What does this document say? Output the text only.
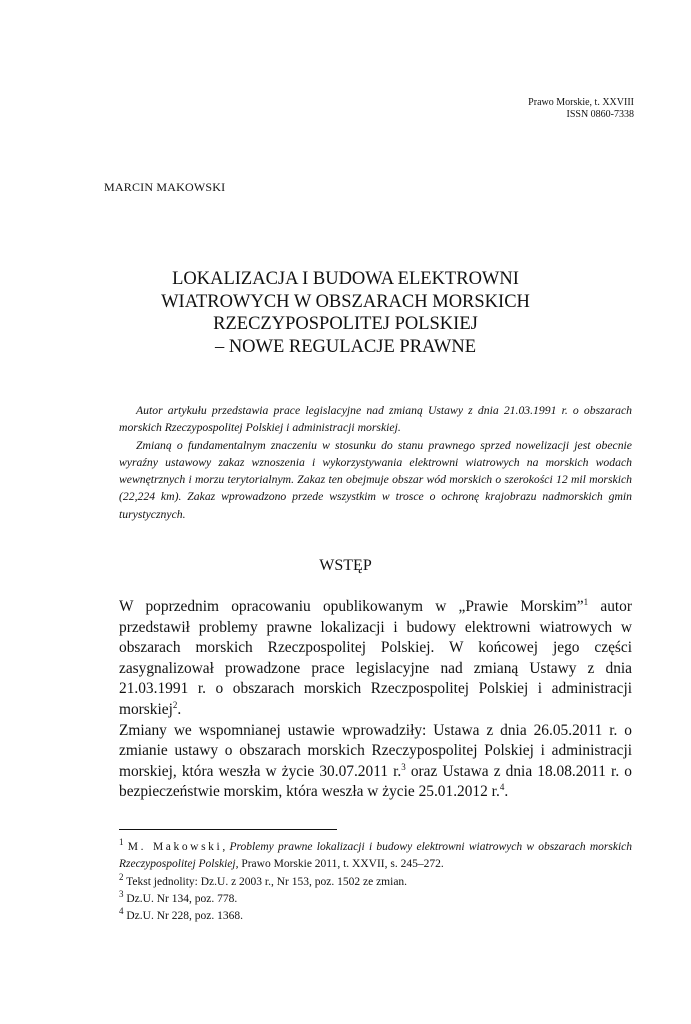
Prawo Morskie, t. XXVIII
ISSN 0860-7338
MARCIN MAKOWSKI
LOKALIZACJA I BUDOWA ELEKTROWNI
WIATROWYCH W OBSZARACH MORSKICH
RZECZYPOSPOLITEJ POLSKIEJ
– NOWE REGULACJE PRAWNE

Autor artykułu przedstawia prace legislacyjne nad zmianą Ustawy z dnia 21.03.1991 r. o obszarach morskich Rzeczypospolitej Polskiej i administracji morskiej.

Zmianą o fundamentalnym znaczeniu w stosunku do stanu prawnego sprzed nowelizacji jest obecnie wyraźny ustawowy zakaz wznoszenia i wykorzystywania elektrowni wiatrowych na morskich wodach wewnętrznych i morzu terytorialnym. Zakaz ten obejmuje obszar wód morskich o szerokości 12 mil morskich (22,224 km). Zakaz wprowadzono przede wszystkim w trosce o ochronę krajobrazu nadmorskich gmin turystycznych.

WSTĘP

W poprzednim opracowaniu opublikowanym w „Prawie Morskim”$^1$ autor przedstawił problemy prawne lokalizacji i budowy elektrowni wiatrowych w obszarach morskich Rzeczpospolitej Polskiej. W końcowej jego części zasygnalizował prowadzone prace legislacyjne nad zmianą Ustawy z dnia 21.03.1991 r. o obszarach morskich Rzeczpospolitej Polskiej i administracji morskiej$^2$.

Zmiany we wspomnianej ustawie wprowadziły: Ustawa z dnia 26.05.2011 r. o zmianie ustawy o obszarach morskich Rzeczypospolitej Polskiej i administracji morskiej, która weszła w życie 30.07.2011 r.$^3$ oraz Ustawa z dnia 18.08.2011 r. o bezpieczeństwie morskim, która weszła w życie 25.01.2012 r.$^4$.

$^1$ M. Makowski, Problemy prawne lokalizacji i budowy elektrowni wiatrowych w obszarach morskich Rzeczypospolitej Polskiej, Prawo Morskie 2011, t. XXVII, s. 245–272.

$^2$ Tekst jednolity: Dz.U. z 2003 r., Nr 153, poz. 1502 ze zmian.

$^3$ Dz.U. Nr 134, poz. 778.

$^4$ Dz.U. Nr 228, poz. 1368.
